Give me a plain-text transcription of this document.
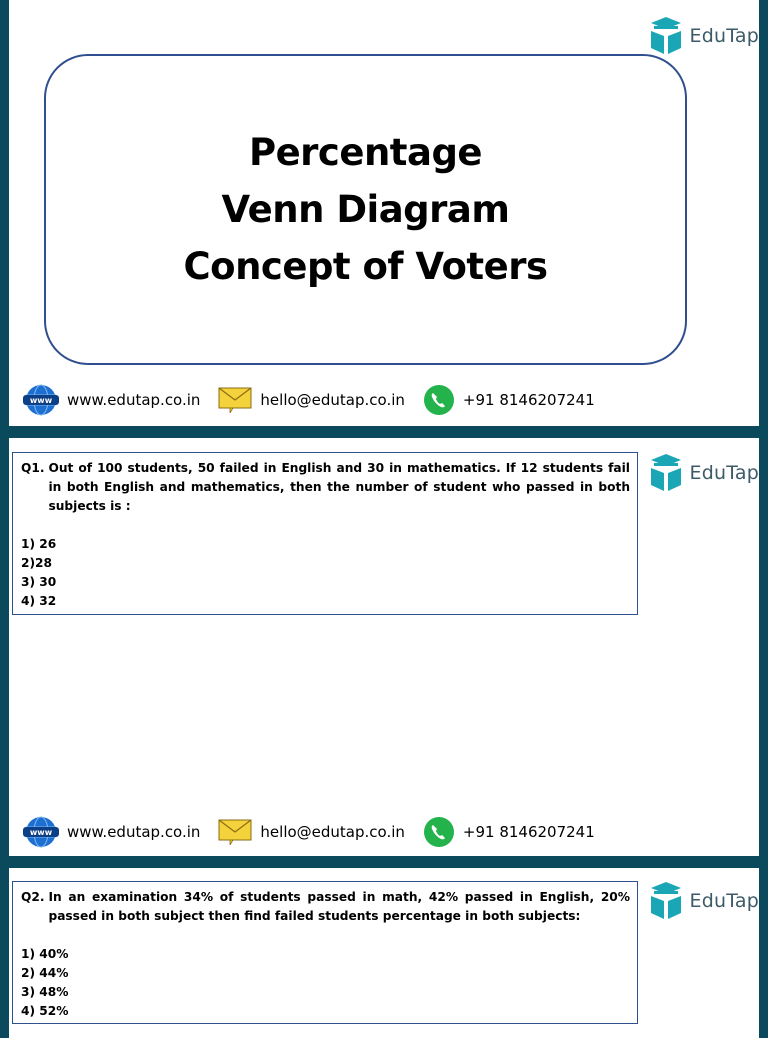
EduTap
Percentage
Venn Diagram
Concept of Voters
www www.edutap.co.in	hello@edutap.co.in	+91 8146207241
Q1. Out of 100 students, 50 failed in English and 30 in mathematics. If 12 students fail in both English and mathematics, then the number of student who passed in both subjects is :
1) 26
2)28
3) 30
4) 32
EduTap
www www.edutap.co.in	hello@edutap.co.in	+91 8146207241
Q2. In an examination 34% of students passed in math, 42% passed in English, 20% passed in both subject then find failed students percentage in both subjects:
1) 40%
2) 44%
3) 48%
4) 52%
EduTap
